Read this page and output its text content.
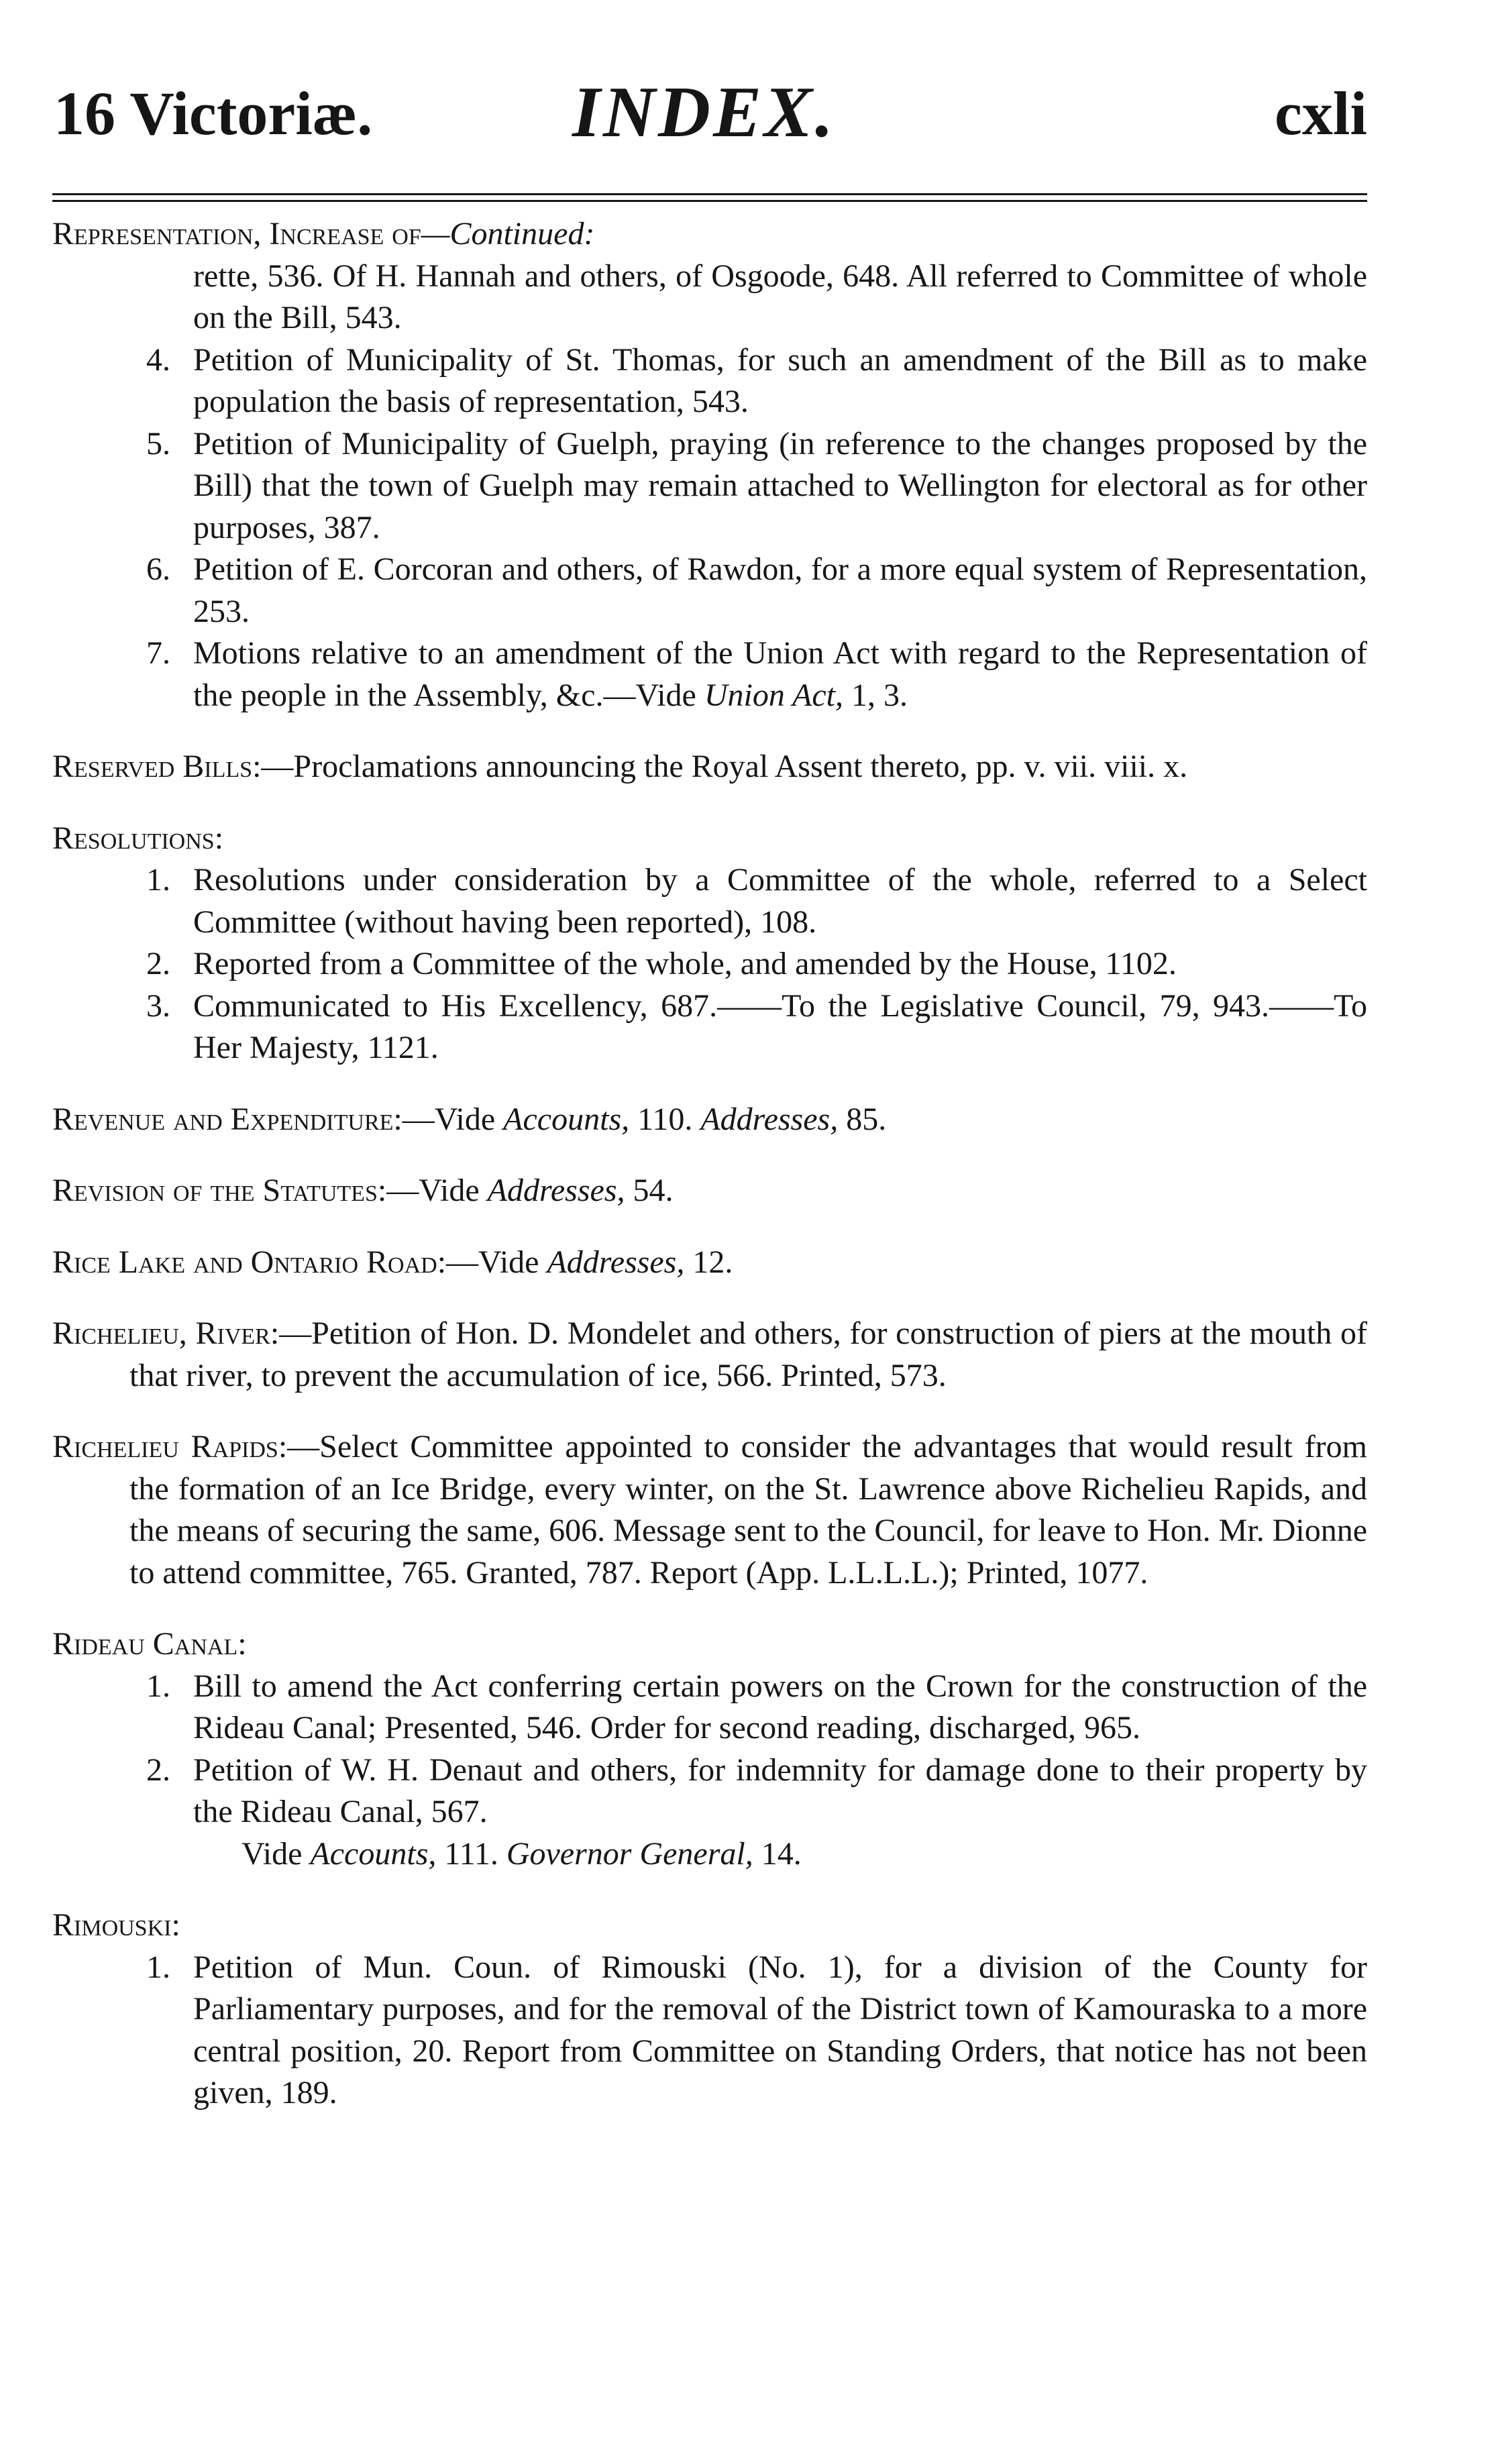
16 Victoriæ.	INDEX.	cxli
Representation, Increase of—Continued:
rette, 536. Of H. Hannah and others, of Osgoode, 648. All referred to Committee of whole on the Bill, 543.
4. Petition of Municipality of St. Thomas, for such an amendment of the Bill as to make population the basis of representation, 543.
5. Petition of Municipality of Guelph, praying (in reference to the changes proposed by the Bill) that the town of Guelph may remain attached to Wellington for electoral as for other purposes, 387.
6. Petition of E. Corcoran and others, of Rawdon, for a more equal system of Representation, 253.
7. Motions relative to an amendment of the Union Act with regard to the Representation of the people in the Assembly, &c.—Vide Union Act, 1, 3.
Reserved Bills:—Proclamations announcing the Royal Assent thereto, pp. v. vii. viii. x.
Resolutions:
1. Resolutions under consideration by a Committee of the whole, referred to a Select Committee (without having been reported), 108.
2. Reported from a Committee of the whole, and amended by the House, 1102.
3. Communicated to His Excellency, 687.——To the Legislative Council, 79, 943.——To Her Majesty, 1121.
Revenue and Expenditure:—Vide Accounts, 110. Addresses, 85.
Revision of the Statutes:—Vide Addresses, 54.
Rice Lake and Ontario Road:—Vide Addresses, 12.
Richelieu, River:—Petition of Hon. D. Mondelet and others, for construction of piers at the mouth of that river, to prevent the accumulation of ice, 566. Printed, 573.
Richelieu Rapids:—Select Committee appointed to consider the advantages that would result from the formation of an Ice Bridge, every winter, on the St. Lawrence above Richelieu Rapids, and the means of securing the same, 606. Message sent to the Council, for leave to Hon. Mr. Dionne to attend committee, 765. Granted, 787. Report (App. L.L.L.L.); Printed, 1077.
Rideau Canal:
1. Bill to amend the Act conferring certain powers on the Crown for the construction of the Rideau Canal; Presented, 546. Order for second reading, discharged, 965.
2. Petition of W. H. Denaut and others, for indemnity for damage done to their property by the Rideau Canal, 567.
Vide Accounts, 111. Governor General, 14.
Rimouski:
1. Petition of Mun. Coun. of Rimouski (No. 1), for a division of the County for Parliamentary purposes, and for the removal of the District town of Kamouraska to a more central position, 20. Report from Committee on Standing Orders, that notice has not been given, 189.
